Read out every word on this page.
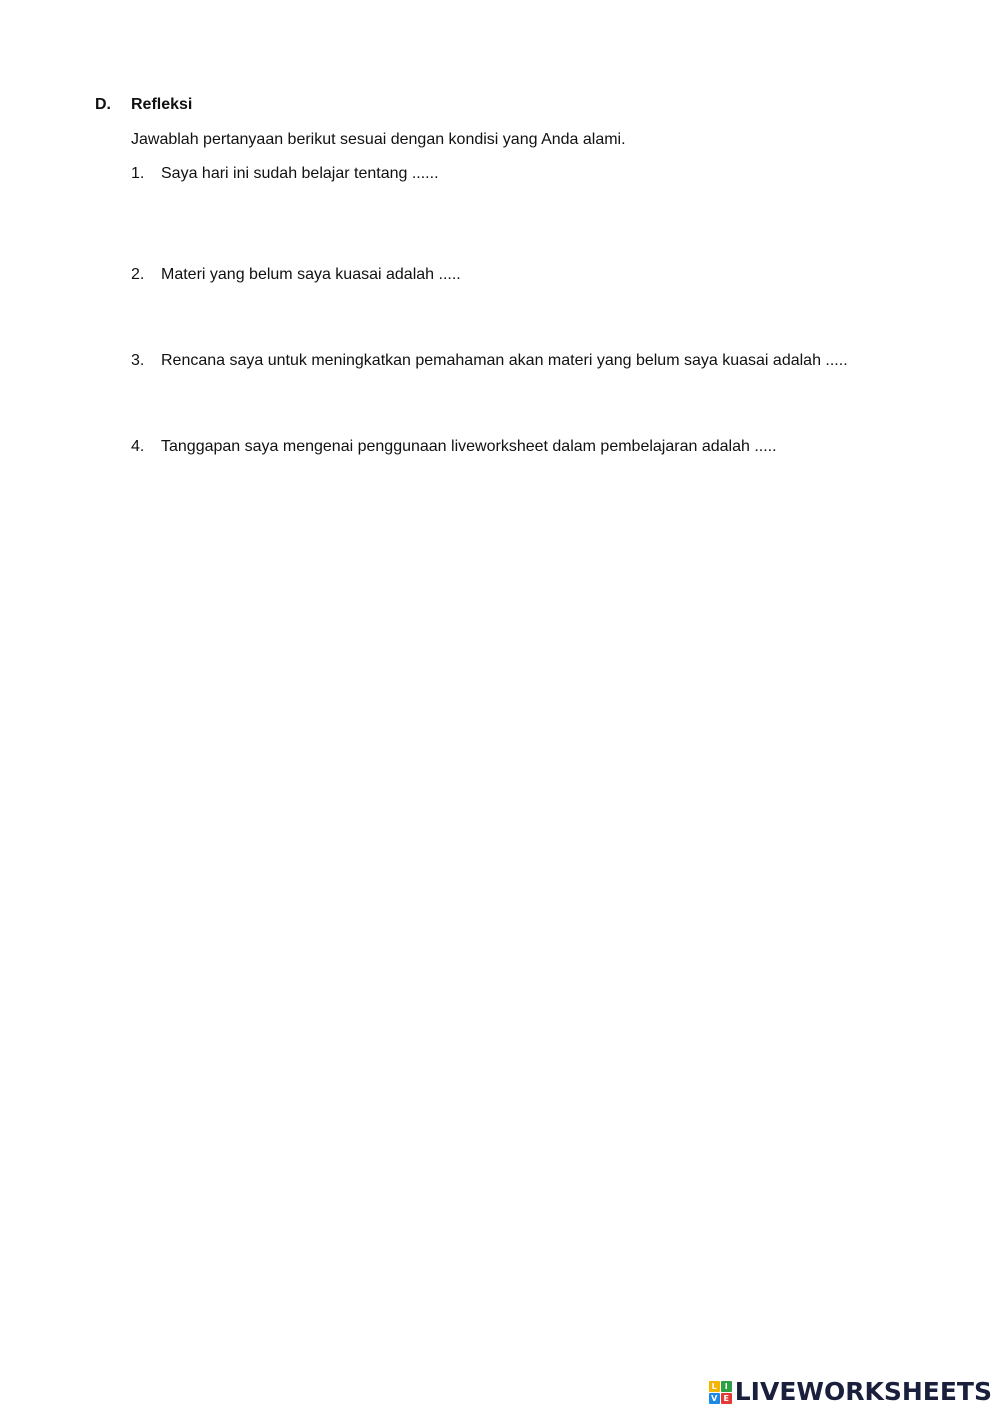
D. Refleksi
Jawablah pertanyaan berikut sesuai dengan kondisi yang Anda alami.
1. Saya hari ini sudah belajar tentang ......
2. Materi yang belum saya kuasai adalah .....
3. Rencana saya untuk meningkatkan pemahaman akan materi yang belum saya kuasai adalah .....
4. Tanggapan saya mengenai penggunaan liveworksheet dalam pembelajaran adalah .....
L I
V E LIVEWORKSHEETS
